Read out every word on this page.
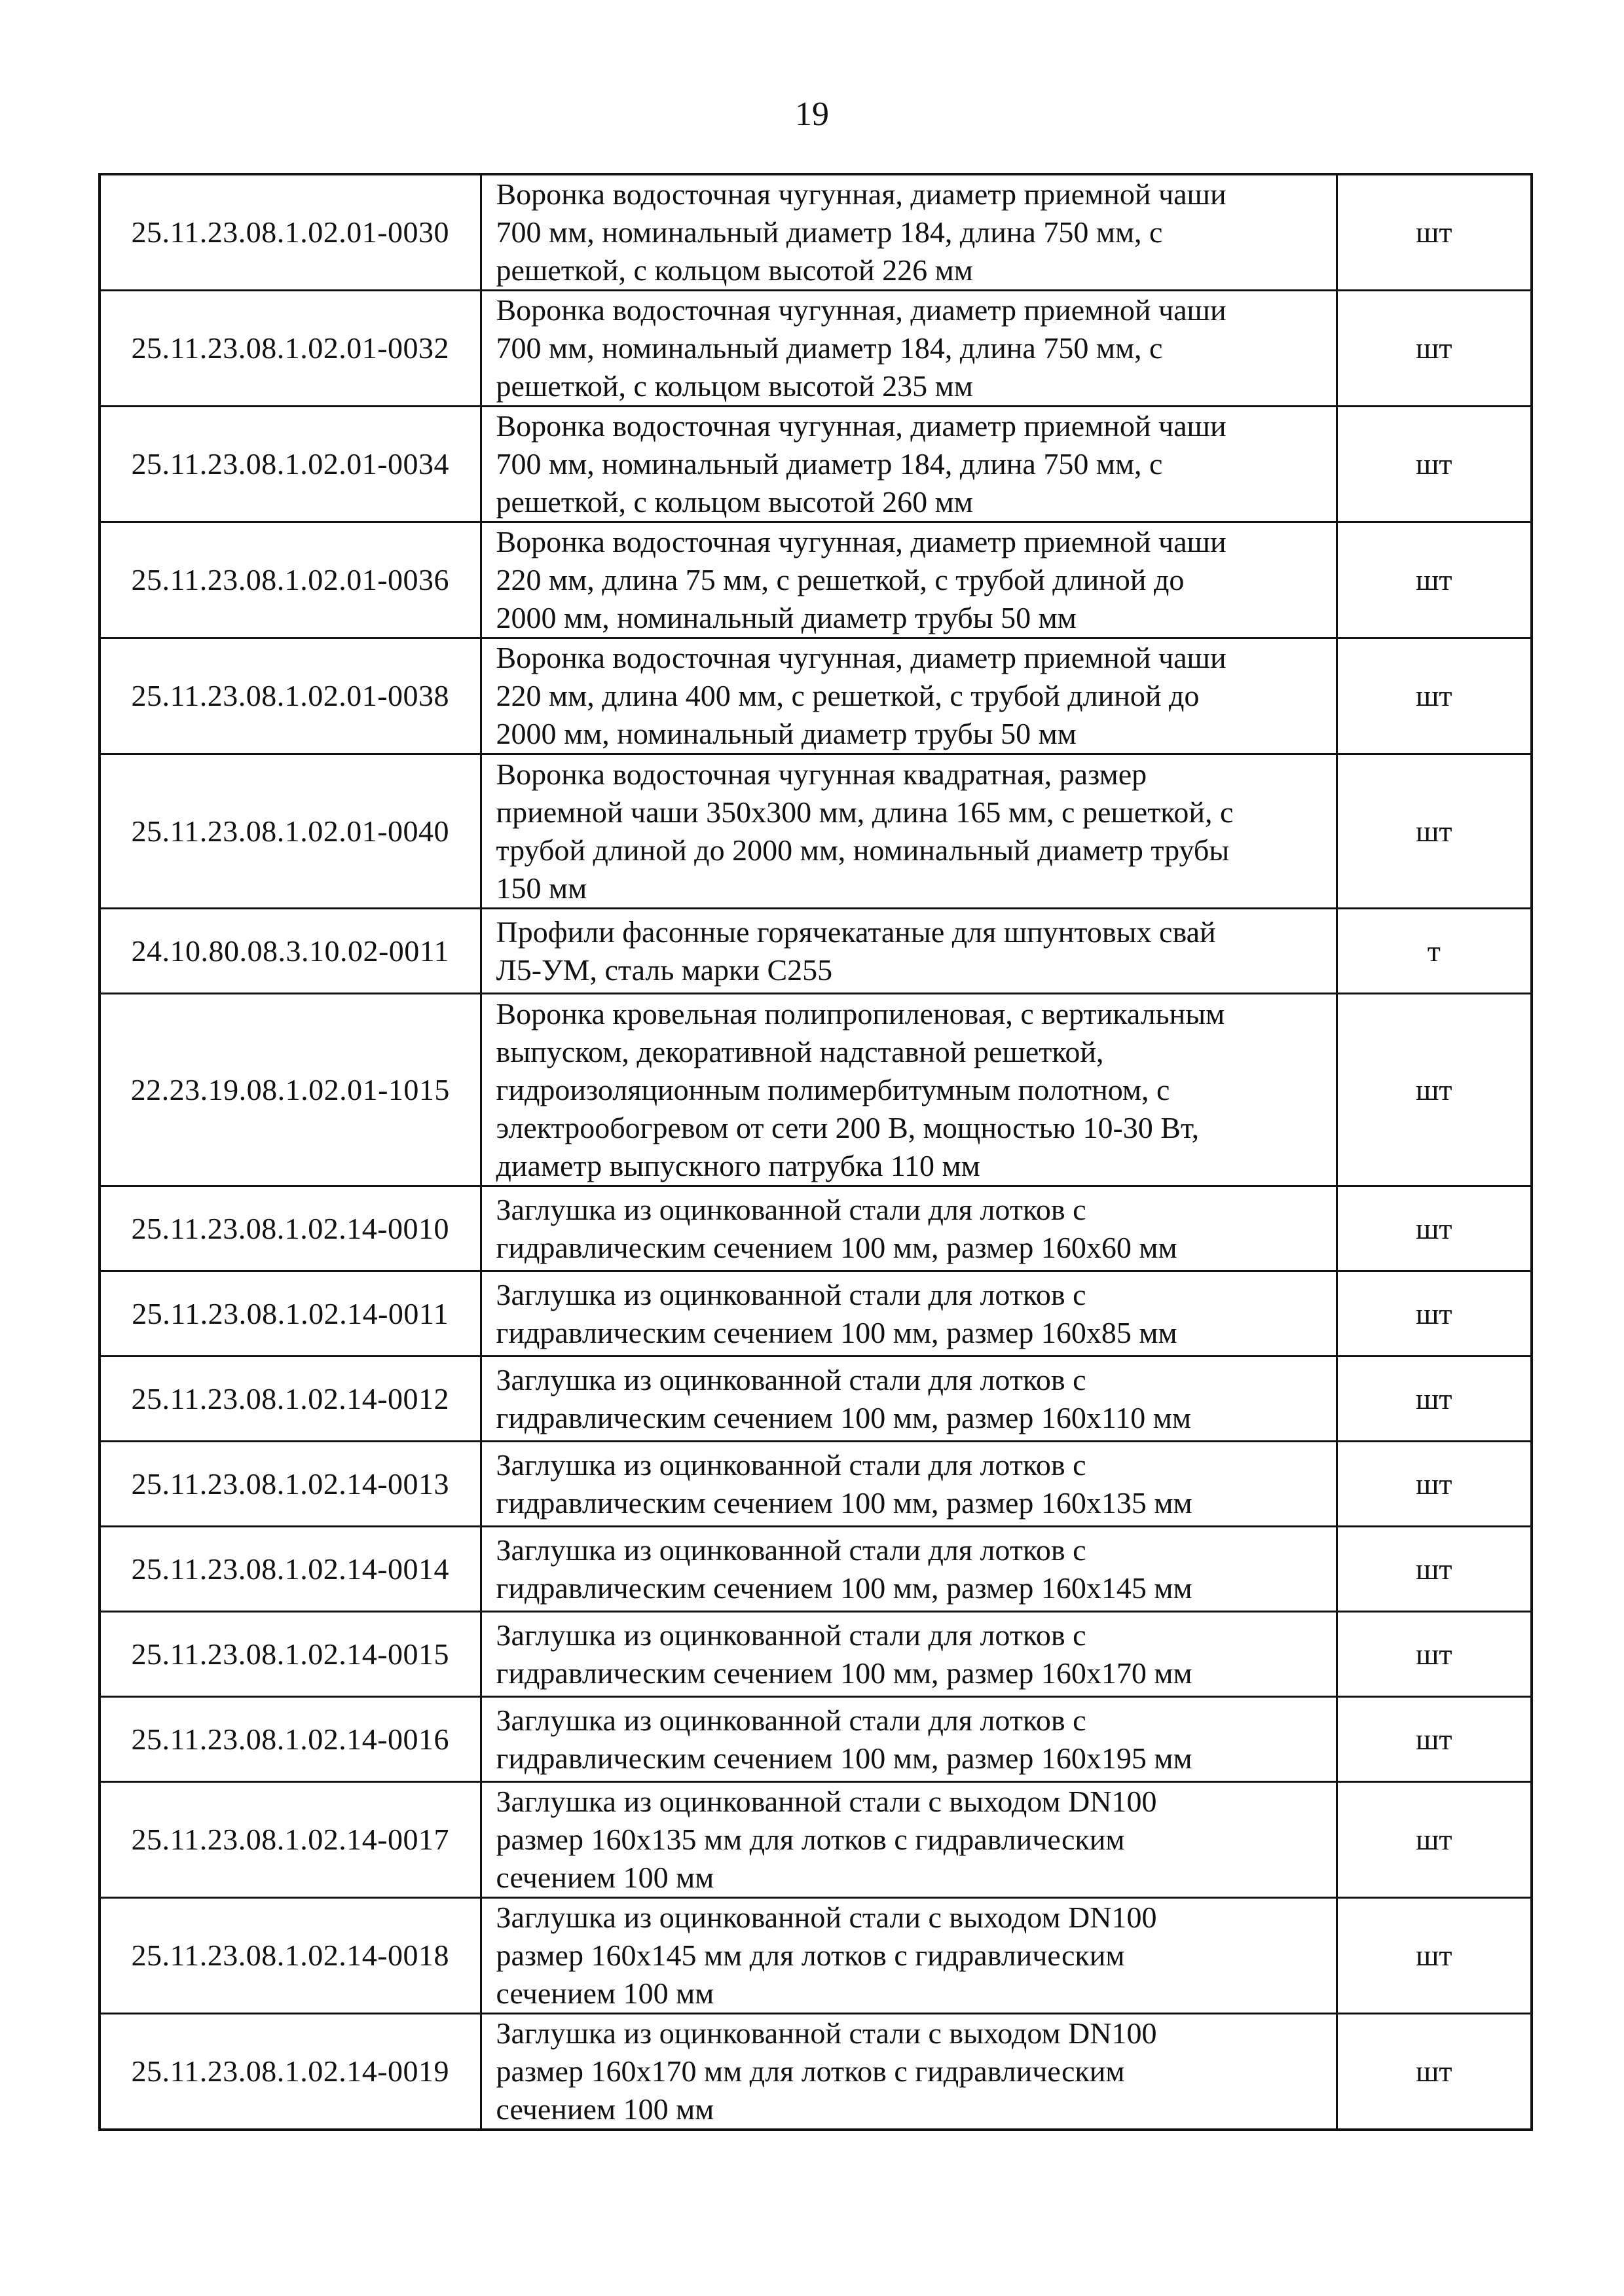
19
25.11.23.08.1.02.01-0030	Воронка водосточная чугунная, диаметр приемной чаши
700 мм, номинальный диаметр 184, длина 750 мм, с
решеткой, с кольцом высотой 226 мм	шт
25.11.23.08.1.02.01-0032	Воронка водосточная чугунная, диаметр приемной чаши
700 мм, номинальный диаметр 184, длина 750 мм, с
решеткой, с кольцом высотой 235 мм	шт
25.11.23.08.1.02.01-0034	Воронка водосточная чугунная, диаметр приемной чаши
700 мм, номинальный диаметр 184, длина 750 мм, с
решеткой, с кольцом высотой 260 мм	шт
25.11.23.08.1.02.01-0036	Воронка водосточная чугунная, диаметр приемной чаши
220 мм, длина 75 мм, с решеткой, с трубой длиной до
2000 мм, номинальный диаметр трубы 50 мм	шт
25.11.23.08.1.02.01-0038	Воронка водосточная чугунная, диаметр приемной чаши
220 мм, длина 400 мм, с решеткой, с трубой длиной до
2000 мм, номинальный диаметр трубы 50 мм	шт
25.11.23.08.1.02.01-0040	Воронка водосточная чугунная квадратная, размер
приемной чаши 350х300 мм, длина 165 мм, с решеткой, с
трубой длиной до 2000 мм, номинальный диаметр трубы
150 мм	шт
24.10.80.08.3.10.02-0011	Профили фасонные горячекатаные для шпунтовых свай
Л5-УМ, сталь марки С255	т
22.23.19.08.1.02.01-1015	Воронка кровельная полипропиленовая, с вертикальным
выпуском, декоративной надставной решеткой,
гидроизоляционным полимербитумным полотном, с
электрообогревом от сети 200 В, мощностью 10-30 Вт,
диаметр выпускного патрубка 110 мм	шт
25.11.23.08.1.02.14-0010	Заглушка из оцинкованной стали для лотков с
гидравлическим сечением 100 мм, размер 160х60 мм	шт
25.11.23.08.1.02.14-0011	Заглушка из оцинкованной стали для лотков с
гидравлическим сечением 100 мм, размер 160х85 мм	шт
25.11.23.08.1.02.14-0012	Заглушка из оцинкованной стали для лотков с
гидравлическим сечением 100 мм, размер 160х110 мм	шт
25.11.23.08.1.02.14-0013	Заглушка из оцинкованной стали для лотков с
гидравлическим сечением 100 мм, размер 160х135 мм	шт
25.11.23.08.1.02.14-0014	Заглушка из оцинкованной стали для лотков с
гидравлическим сечением 100 мм, размер 160х145 мм	шт
25.11.23.08.1.02.14-0015	Заглушка из оцинкованной стали для лотков с
гидравлическим сечением 100 мм, размер 160х170 мм	шт
25.11.23.08.1.02.14-0016	Заглушка из оцинкованной стали для лотков с
гидравлическим сечением 100 мм, размер 160х195 мм	шт
25.11.23.08.1.02.14-0017	Заглушка из оцинкованной стали с выходом DN100
размер 160х135 мм для лотков с гидравлическим
сечением 100 мм	шт
25.11.23.08.1.02.14-0018	Заглушка из оцинкованной стали с выходом DN100
размер 160х145 мм для лотков с гидравлическим
сечением 100 мм	шт
25.11.23.08.1.02.14-0019	Заглушка из оцинкованной стали с выходом DN100
размер 160х170 мм для лотков с гидравлическим
сечением 100 мм	шт
